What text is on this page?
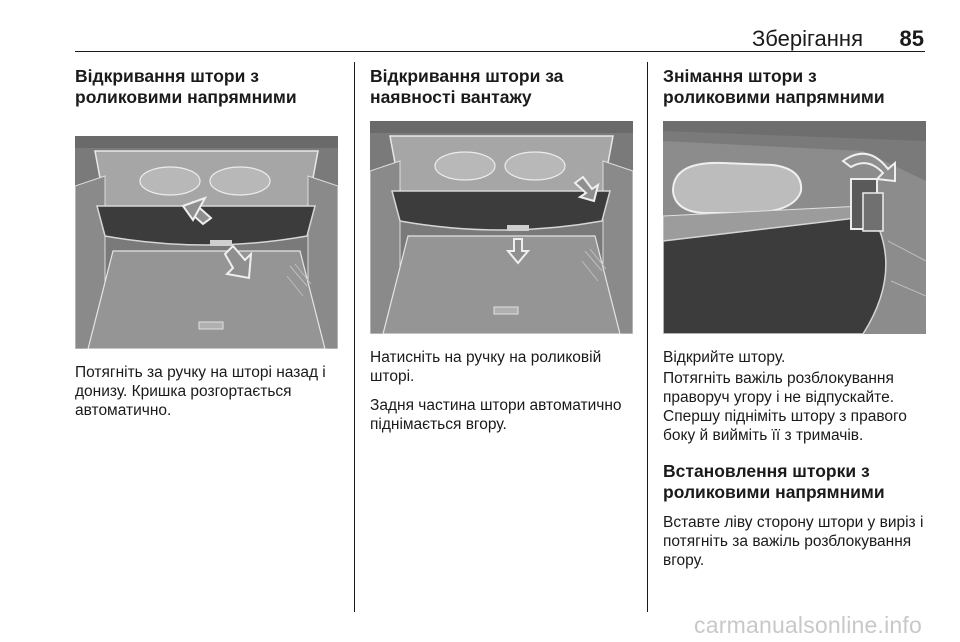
Зберігання 85
Відкривання штори з роликовими напрямними

Потягніть за ручку на шторі назад і донизу. Кришка розгортається автоматично.

Відкривання штори за наявності вантажу

Натисніть на ручку на роликовій шторі.

Задня частина штори автоматично піднімається вгору.

Знімання штори з роликовими напрямними

Відкрийте штору.

Потягніть важіль розблокування праворуч угору і не відпускайте. Спершу підніміть штору з правого боку й вийміть її з тримачів.

Встановлення шторки з роликовими напрямними

Вставте ліву сторону штори у виріз і потягніть за важіль розблокування вгору.

carmanualsonline.info
